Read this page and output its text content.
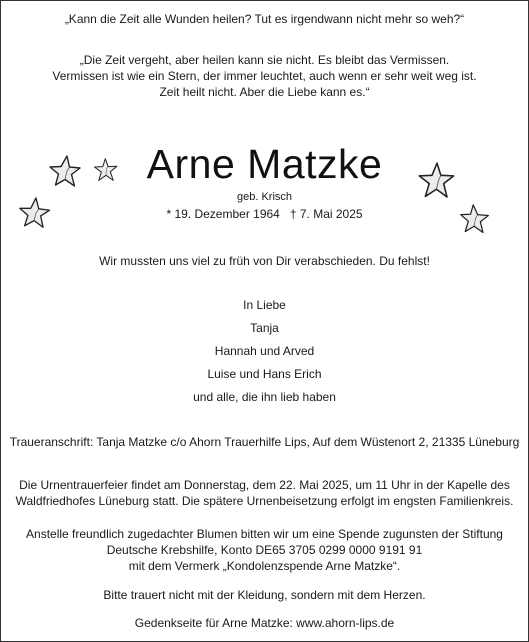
„Kann die Zeit alle Wunden heilen? Tut es irgendwann nicht mehr so weh?“
„Die Zeit vergeht, aber heilen kann sie nicht. Es bleibt das Vermissen.
Vermissen ist wie ein Stern, der immer leuchtet, auch wenn er sehr weit weg ist.
Zeit heilt nicht. Aber die Liebe kann es.“
Arne Matzke
geb. Krisch
* 19. Dezember 1964   † 7. Mai 2025
Wir mussten uns viel zu früh von Dir verabschieden. Du fehlst!
In Liebe
Tanja
Hannah und Arved
Luise und Hans Erich
und alle, die ihn lieb haben
Traueranschrift: Tanja Matzke c/o Ahorn Trauerhilfe Lips, Auf dem Wüstenort 2, 21335 Lüneburg
Die Urnentrauerfeier findet am Donnerstag, dem 22. Mai 2025, um 11 Uhr in der Kapelle des
Waldfriedhofes Lüneburg statt. Die spätere Urnenbeisetzung erfolgt im engsten Familienkreis.
Anstelle freundlich zugedachter Blumen bitten wir um eine Spende zugunsten der Stiftung
Deutsche Krebshilfe, Konto DE65 3705 0299 0000 9191 91
mit dem Vermerk „Kondolenzspende Arne Matzke“.
Bitte trauert nicht mit der Kleidung, sondern mit dem Herzen.
Gedenkseite für Arne Matzke: www.ahorn-lips.de
